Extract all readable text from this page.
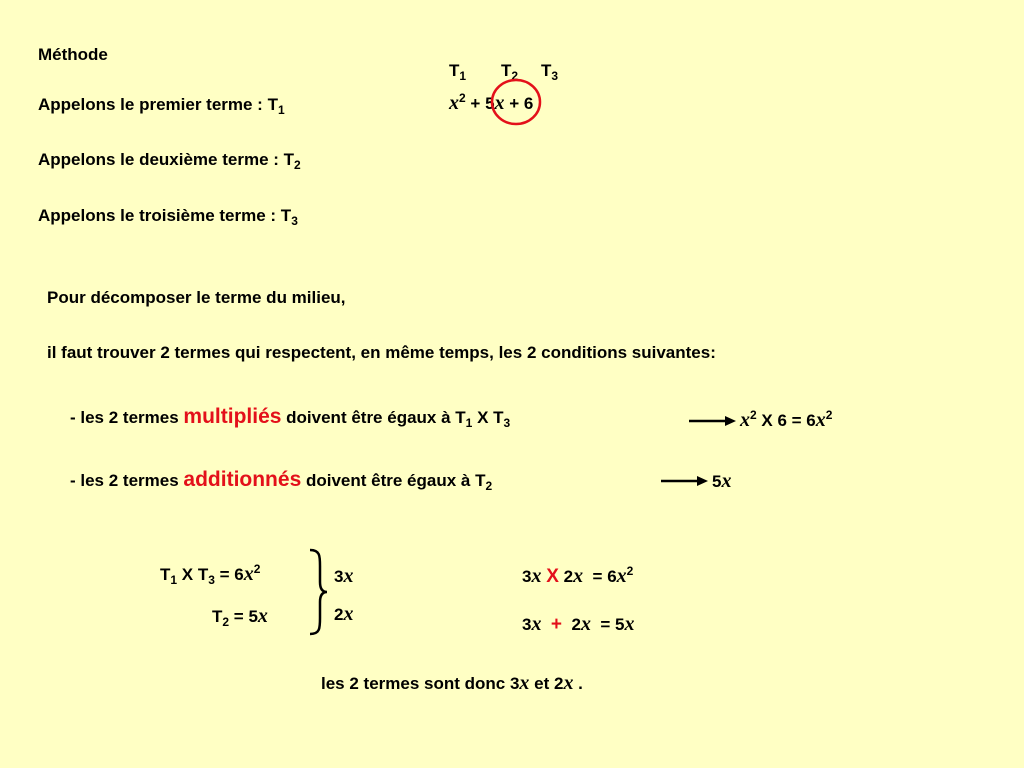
Méthode
$T_1$ $T_2$ $T_3$
$x^2 + 5x + 6$
Appelons le premier terme : $T_1$
Appelons le deuxième terme : $T_2$
Appelons le troisième terme : $T_3$
Pour décomposer le terme du milieu,
il faut trouver 2 termes qui respectent, en même temps, les 2 conditions suivantes:
- les 2 termes multipliés doivent être égaux à $T_1$ X $T_3$	$x^2$ X $6 = 6x^2$
- les 2 termes additionnés doivent être égaux à $T_2$	5x
$T_1$ X $T_3 = 6x^2$
$T_2 = 5x$
3x
2x
3x X $2x = 6x^2$
3x + 2x = 5x
les 2 termes sont donc 3x et 2x .
